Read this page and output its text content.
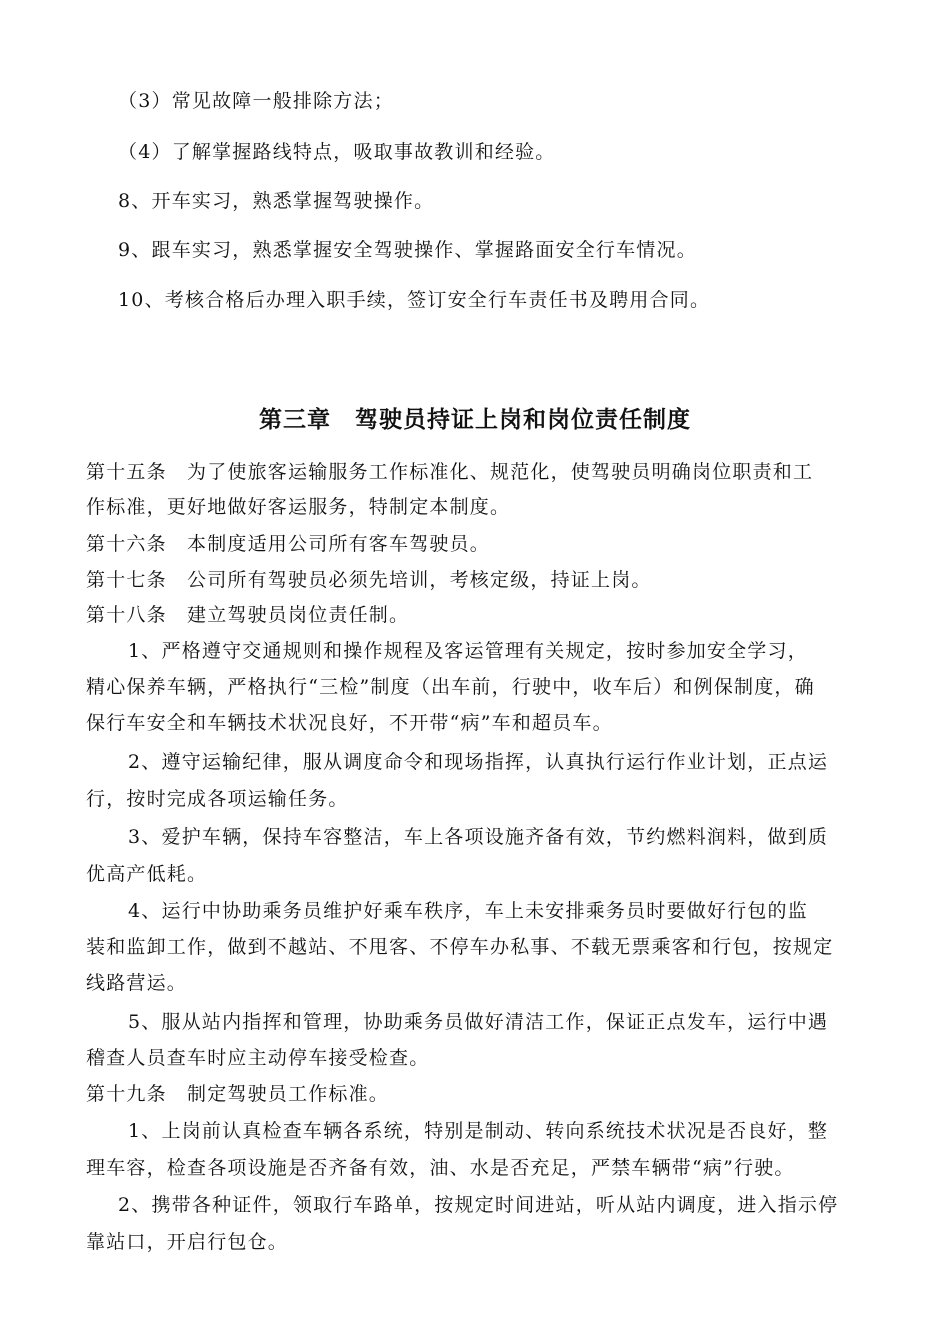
（3）常见故障一般排除方法；
（4）了解掌握路线特点，吸取事故教训和经验。
8、开车实习，熟悉掌握驾驶操作。
9、跟车实习，熟悉掌握安全驾驶操作、掌握路面安全行车情况。
10、考核合格后办理入职手续，签订安全行车责任书及聘用合同。
第三章　驾驶员持证上岗和岗位责任制度
第十五条　为了使旅客运输服务工作标准化、规范化，使驾驶员明确岗位职责和工
作标准，更好地做好客运服务，特制定本制度。
第十六条　本制度适用公司所有客车驾驶员。
第十七条　公司所有驾驶员必须先培训，考核定级，持证上岗。
第十八条　建立驾驶员岗位责任制。
1、严格遵守交通规则和操作规程及客运管理有关规定，按时参加安全学习，
精心保养车辆，严格执行“三检”制度（出车前，行驶中，收车后）和例保制度，确
保行车安全和车辆技术状况良好，不开带“病”车和超员车。
2、遵守运输纪律，服从调度命令和现场指挥，认真执行运行作业计划，正点运
行，按时完成各项运输任务。
3、爱护车辆，保持车容整洁，车上各项设施齐备有效，节约燃料润料，做到质
优高产低耗。
4、运行中协助乘务员维护好乘车秩序，车上未安排乘务员时要做好行包的监
装和监卸工作，做到不越站、不甩客、不停车办私事、不载无票乘客和行包，按规定
线路营运。
5、服从站内指挥和管理，协助乘务员做好清洁工作，保证正点发车，运行中遇
稽查人员查车时应主动停车接受检查。
第十九条　制定驾驶员工作标准。
1、上岗前认真检查车辆各系统，特别是制动、转向系统技术状况是否良好，整
理车容，检查各项设施是否齐备有效，油、水是否充足，严禁车辆带“病”行驶。
2、携带各种证件，领取行车路单，按规定时间进站，听从站内调度，进入指示停
靠站口，开启行包仓。
